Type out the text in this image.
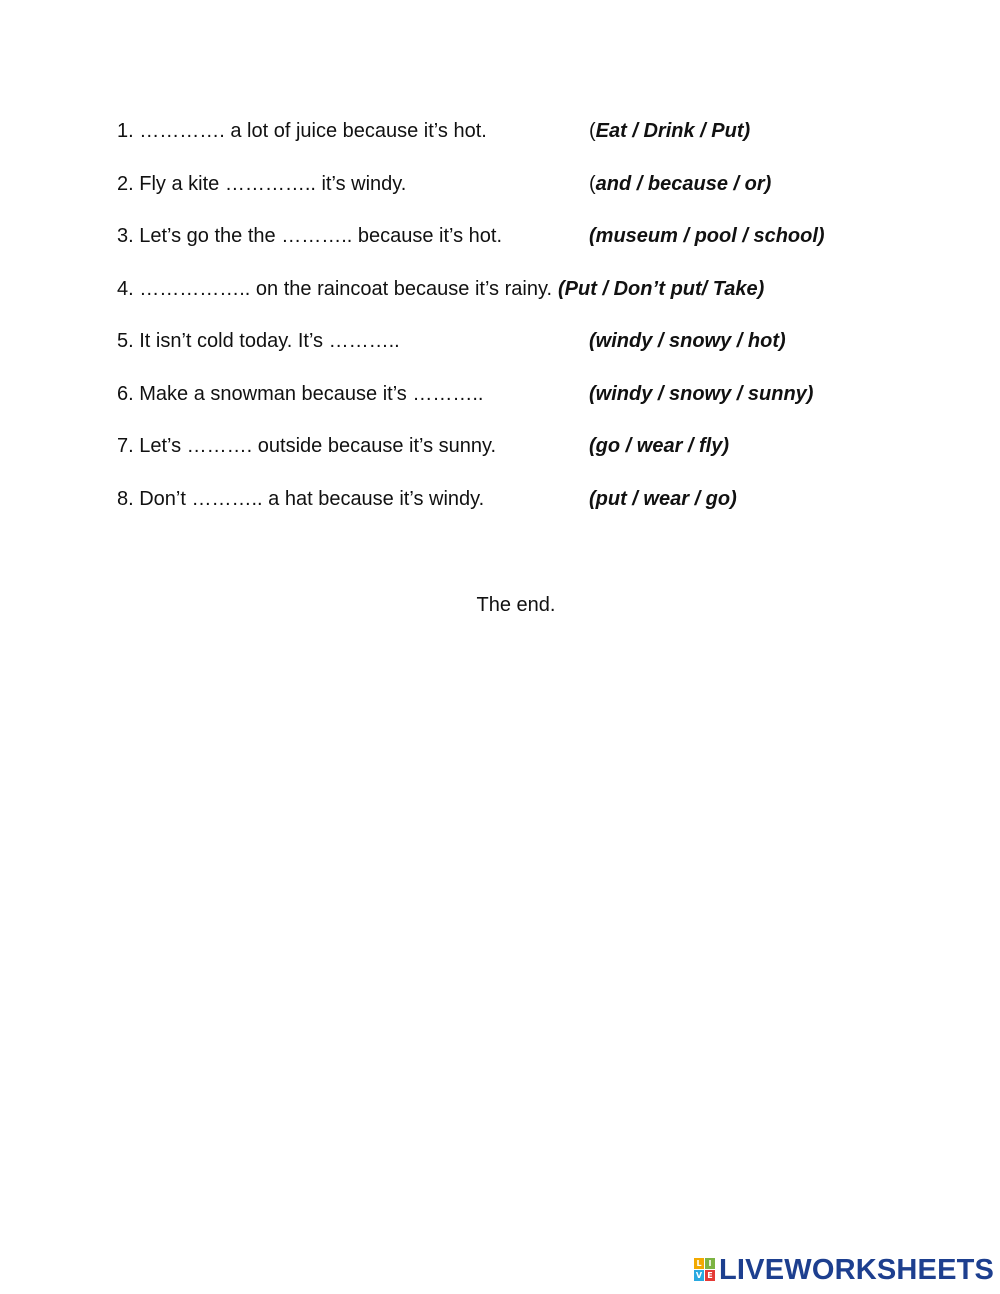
1. …………. a lot of juice because it’s hot.	(Eat / Drink / Put)
2. Fly a kite ………….. it’s windy.	(and / because / or)
3. Let’s go the the ……….. because it’s hot.	(museum / pool / school)
4. …………….. on the raincoat because it’s rainy. (Put / Don’t put/ Take)
5. It isn’t cold today. It’s ………..	(windy / snowy / hot)
6. Make a snowman because it’s ………..	(windy / snowy / sunny)
7. Let’s ………. outside because it’s sunny.	(go / wear / fly)
8. Don’t ……….. a hat because it’s windy.	(put / wear / go)
The end.
L I
V E LIVEWORKSHEETS
